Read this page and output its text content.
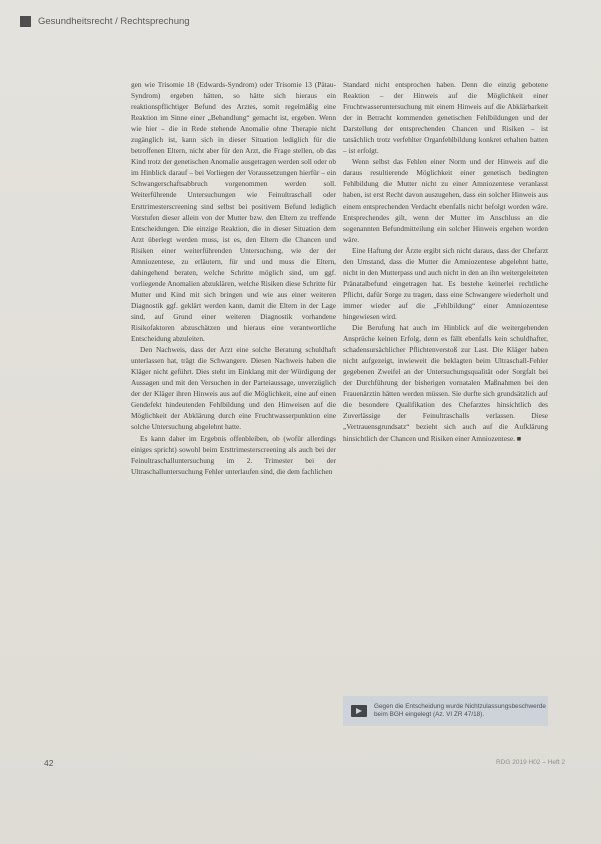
Gesundheitsrecht / Rechtsprechung

gen wie Trisomie 18 (Edwards-Syndrom) oder Trisomie 13 (Pätau-Syndrom) ergeben hätten, so hätte sich hieraus ein reaktionspflichtiger Befund des Arztes, somit regelmäßig eine Reaktion im Sinne einer „Behandlung“ gemacht ist, ergeben. Wenn wie hier – die in Rede stehende Anomalie ohne Therapie nicht zugänglich ist, kann sich in dieser Situation lediglich für die betroffenen Eltern, nicht aber für den Arzt, die Frage stellen, ob das Kind trotz der genetischen Anomalie ausgetragen werden soll oder ob im Hinblick darauf – bei Vorliegen der Voraussetzungen hierfür – ein Schwangerschaftsabbruch vorgenommen werden soll. Weiterführende Untersuchungen wie Feinultraschall oder Ersttrimesterscreening sind selbst bei positivem Befund lediglich Vorstufen dieser allein von der Mutter bzw. den Eltern zu treffende Entscheidungen. Die einzige Reaktion, die in dieser Situation dem Arzt überlegt werden muss, ist es, den Eltern die Chancen und Risiken einer weiterführenden Untersuchung, wie der der Amniozentese, zu erläutern, für und und muss die Eltern, dahingehend beraten, welche Schritte möglich sind, um ggf. vorliegende Anomalien abzuklären, welche Risiken diese Schritte für Mutter und Kind mit sich bringen und wie aus einer weiteren Diagnostik ggf. geklärt werden kann, damit die Eltern in der Lage sind, auf Grund einer weiteren Diagnostik vorhandene Risikofaktoren abzuschätzen und hieraus eine verantwortliche Entscheidung abzuleiten.

Den Nachweis, dass der Arzt eine solche Beratung schuldhaft unterlassen hat, trägt die Schwangere. Diesen Nachweis haben die Kläger nicht geführt. Dies steht im Einklang mit der Würdigung der Aussagen und mit den Versuchen in der Parteiaussage, unverzüglich der der Kläger ihren Hinweis aus auf die Möglichkeit, eine auf einen Gendefekt hindeutenden Fehlbildung und den Hinweisen auf die Möglichkeit der Abklärung durch eine Fruchtwasserpunktion eine solche Untersuchung abgelehnt hatte.

Es kann daher im Ergebnis offenbleiben, ob (wofür allerdings einiges spricht) sowohl beim Ersttrimesterscreening als auch bei der Feinultraschalluntersuchung im 2. Trimester bei der Ultraschalluntersuchung Fehler unterlaufen sind, die dem fachlichen

Standard nicht entsprochen haben. Denn die einzig gebotene Reaktion – der Hinweis auf die Möglichkeit einer Fruchtwasseruntersuchung mit einem Hinweis auf die Abklärbarkeit der in Betracht kommenden genetischen Fehlbildungen und der Darstellung der entsprechenden Chancen und Risiken – ist tatsächlich trotz verfehlter Organfehlbildung konkret erhalten hatten – ist erfolgt.

Wenn selbst das Fehlen einer Norm und der Hinweis auf die daraus resultierende Möglichkeit einer genetisch bedingten Fehlbildung die Mutter nicht zu einer Amniozentese veranlasst haben, ist erst Recht davon auszugehen, dass ein solcher Hinweis aus einem entsprechenden Verdacht ebenfalls nicht befolgt worden wäre. Entsprechendes gilt, wenn der Mutter im Anschluss an die sogenannten Befundmitteilung ein solcher Hinweis ergehen worden wäre.

Eine Haftung der Ärzte ergibt sich nicht daraus, dass der Chefarzt den Umstand, dass die Mutter die Amniozentese abgelehnt hatte, nicht in den Mutterpass und auch nicht in den an ihn weitergeleiteten Pränatalbefund eingetragen hat. Es bestehe keinerlei rechtliche Pflicht, dafür Sorge zu tragen, dass eine Schwangere wiederholt und immer wieder auf die „Fehlbildung“ einer Amniozentese hingewiesen wird.

Die Berufung hat auch im Hinblick auf die weitergehenden Ansprüche keinen Erfolg, denn es fällt ebenfalls kein schuldhafter, schadensursächlicher Pflichtenverstoß zur Last. Die Kläger haben nicht aufgezeigt, inwieweit die beklagten beim Ultraschall-Fehler gegebenen Zweifel an der Untersuchungsqualität oder Sorgfalt bei der Durchführung der bisherigen vornatalen Maßnahmen bei den Frauenärztin hätten werden müssen. Sie durfte sich grundsätzlich auf die besondere Qualifikation des Chefarztes hinsichtlich des Zuverlässige der Feinultraschalls verlassen. Diese „Vertrauensgrundsatz“ bezieht sich auch auf die Aufklärung hinsichtlich der Chancen und Risiken einer Amniozentese. ■

Gegen die Entscheidung wurde Nichtzulassungsbeschwerde beim BGH eingelegt (Az. VI ZR 47/18).
42	RDG 2019 H02 – Heft 2
